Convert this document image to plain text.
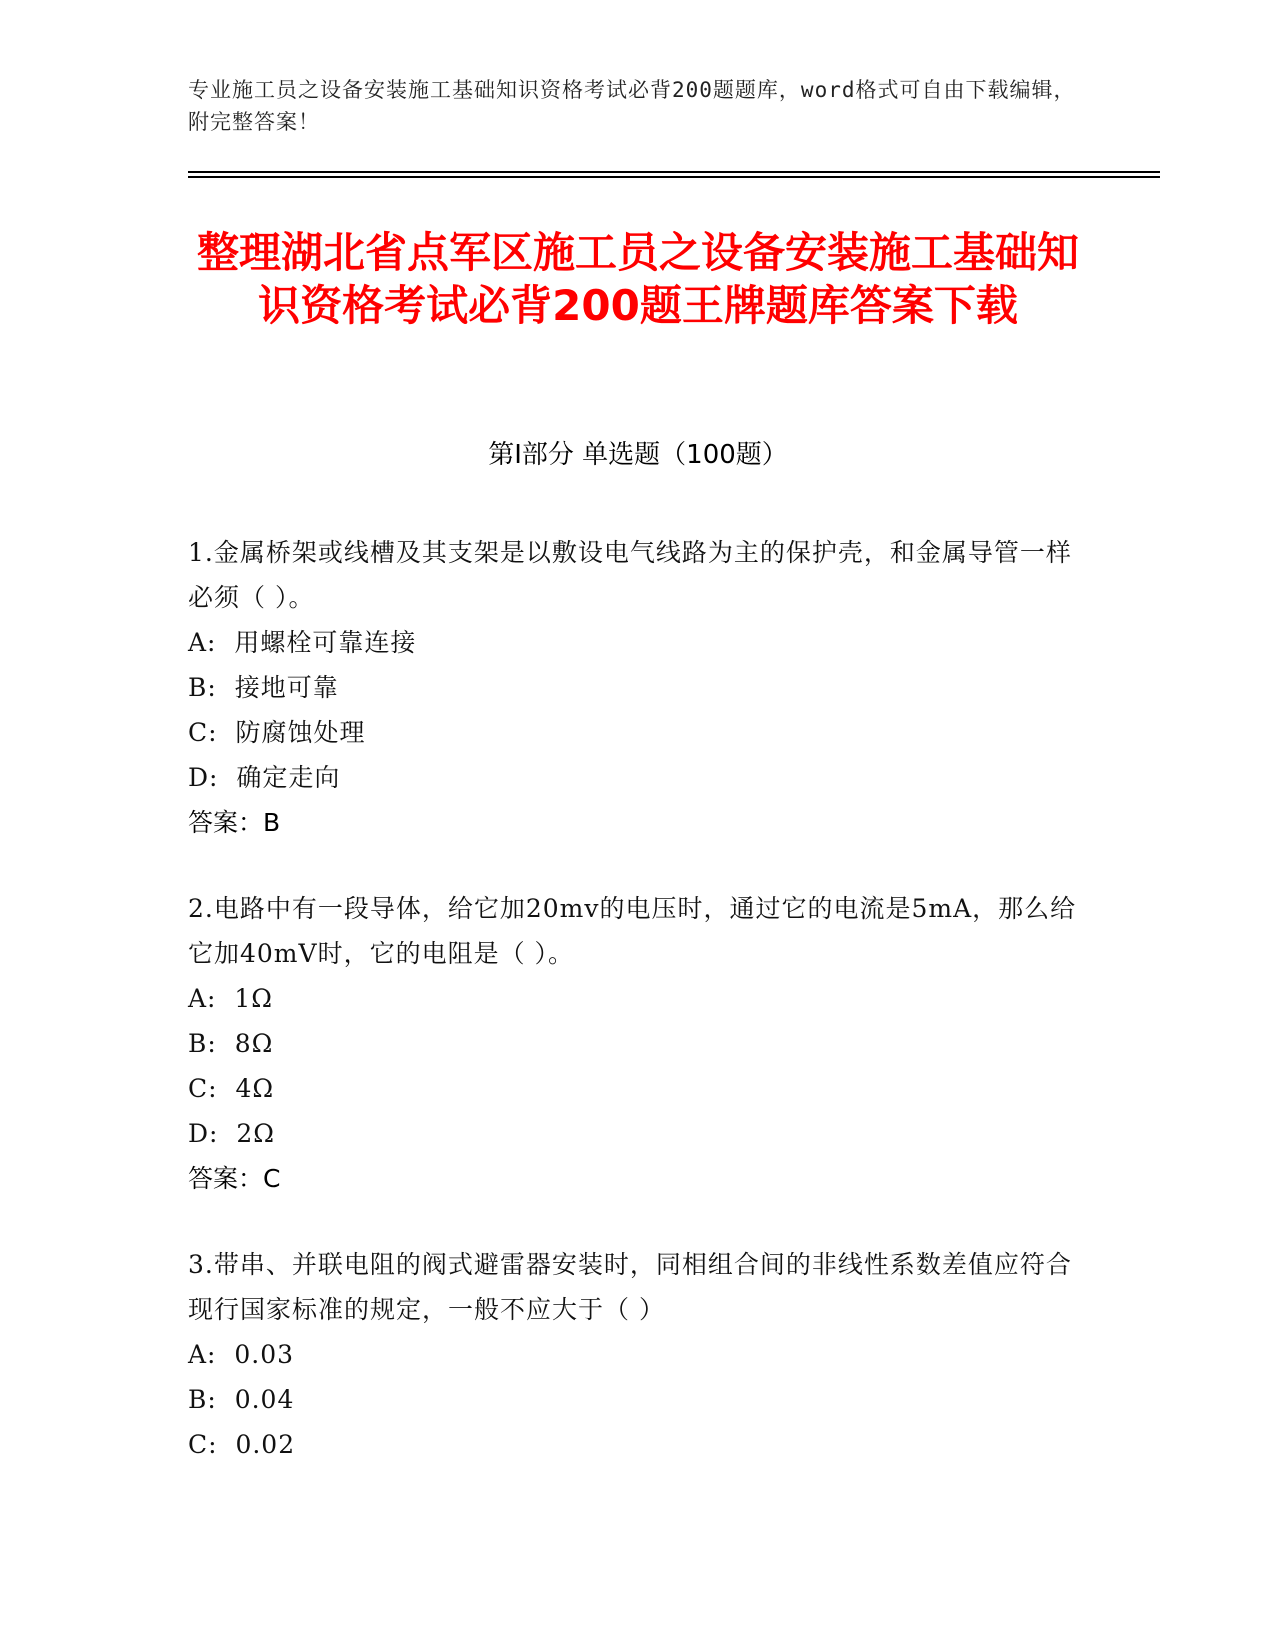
专业施工员之设备安装施工基础知识资格考试必背200题题库，word格式可自由下载编辑，附完整答案！
整理湖北省点军区施工员之设备安装施工基础知识资格考试必背200题王牌题库答案下载
第I部分 单选题（100题）

1.金属桥架或线槽及其支架是以敷设电气线路为主的保护壳，和金属导管一样必须（ ）。

A:  用螺栓可靠连接

B:  接地可靠

C:  防腐蚀处理

D:  确定走向

答案：B

2.电路中有一段导体，给它加20mv的电压时，通过它的电流是5mA，那么给它加40mV时，它的电阻是（ ）。

A:  1Ω

B:  8Ω

C:  4Ω

D:  2Ω

答案：C

3.带串、并联电阻的阀式避雷器安装时，同相组合间的非线性系数差值应符合现行国家标准的规定，一般不应大于（ ）

A:  0.03

B:  0.04

C:  0.02
